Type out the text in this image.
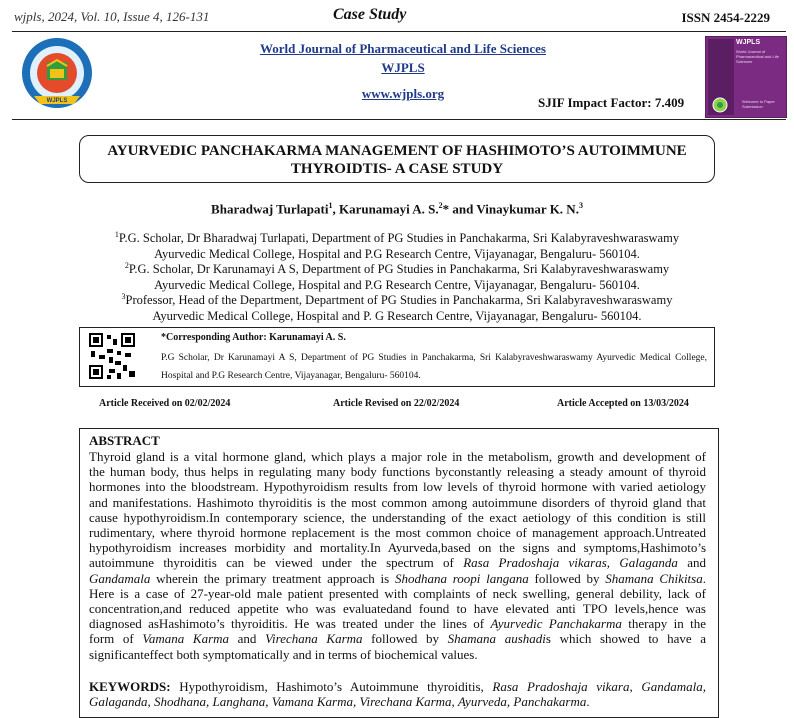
wjpls, 2024, Vol. 10, Issue 4, 126-131	Case Study	ISSN 2454-2229
WJPLS
World Journal of Pharmaceutical and Life Sciences
WJPLS
www.wjpls.org
SJIF Impact Factor: 7.409
WJPLS
World Journal of Pharmaceutical and Life Sciences
Welcome to Paper Submission
AYURVEDIC PANCHAKARMA MANAGEMENT OF HASHIMOTO’S AUTOIMMUNE
THYROIDTIS- A CASE STUDY
Bharadwaj Turlapati$^1$, Karunamayi A. S.$^2$* and Vinaykumar K. N.$^3$
$^1$P.G. Scholar, Dr Bharadwaj Turlapati, Department of PG Studies in Panchakarma, Sri Kalabyraveshwaraswamy
Ayurvedic Medical College, Hospital and P.G Research Centre, Vijayanagar, Bengaluru- 560104.
$^2$P.G. Scholar, Dr Karunamayi A S, Department of PG Studies in Panchakarma, Sri Kalabyraveshwaraswamy
Ayurvedic Medical College, Hospital and P.G Research Centre, Vijayanagar, Bengaluru- 560104.
$^3$Professor, Head of the Department, Department of PG Studies in Panchakarma, Sri Kalabyraveshwaraswamy
Ayurvedic Medical College, Hospital and P. G Research Centre, Vijayanagar, Bengaluru- 560104.
*Corresponding Author: Karunamayi A. S.
P.G Scholar, Dr Karunamayi A S, Department of PG Studies in Panchakarma, Sri Kalabyraveshwaraswamy Ayurvedic Medical College, Hospital and P.G Research Centre, Vijayanagar, Bengaluru- 560104.
Article Received on 02/02/2024	Article Revised on 22/02/2024	Article Accepted on 13/03/2024
ABSTRACT
Thyroid gland is a vital hormone gland, which plays a major role in the metabolism, growth and development of
the human body, thus helps in regulating many body functions byconstantly releasing a steady amount of thyroid
hormones into the bloodstream. Hypothyroidism results from low levels of thyroid hormone with varied aetiology
and manifestations. Hashimoto thyroiditis is the most common among autoimmune disorders of thyroid gland that
cause hypothyroidism.In contemporary science, the understanding of the exact aetiology of this condition is still
rudimentary, where thyroid hormone replacement is the most common choice of management approach.Untreated
hypothyroidism increases morbidity and mortality.In Ayurveda,based on the signs and symptoms,Hashimoto’s
autoimmune thyroiditis can be viewed under the spectrum of Rasa Pradoshaja vikaras, Galaganda and
Gandamala wherein the primary treatment approach is Shodhana roopi langana followed by Shamana Chikitsa.
Here is a case of 27-year-old male patient presented with complaints of neck swelling, general debility, lack of
concentration,and reduced appetite who was evaluatedand found to have elevated anti TPO levels,hence was
diagnosed asHashimoto’s thyroiditis. He was treated under the lines of Ayurvedic Panchakarma therapy in the
form of Vamana Karma and Virechana Karma followed by Shamana aushadis which showed to have a
significanteffect both symptomatically and in terms of biochemical values.
KEYWORDS: Hypothyroidism, Hashimoto’s Autoimmune thyroiditis, Rasa Pradoshaja vikara, Gandamala,
Galaganda, Shodhana, Langhana, Vamana Karma, Virechana Karma, Ayurveda, Panchakarma.
